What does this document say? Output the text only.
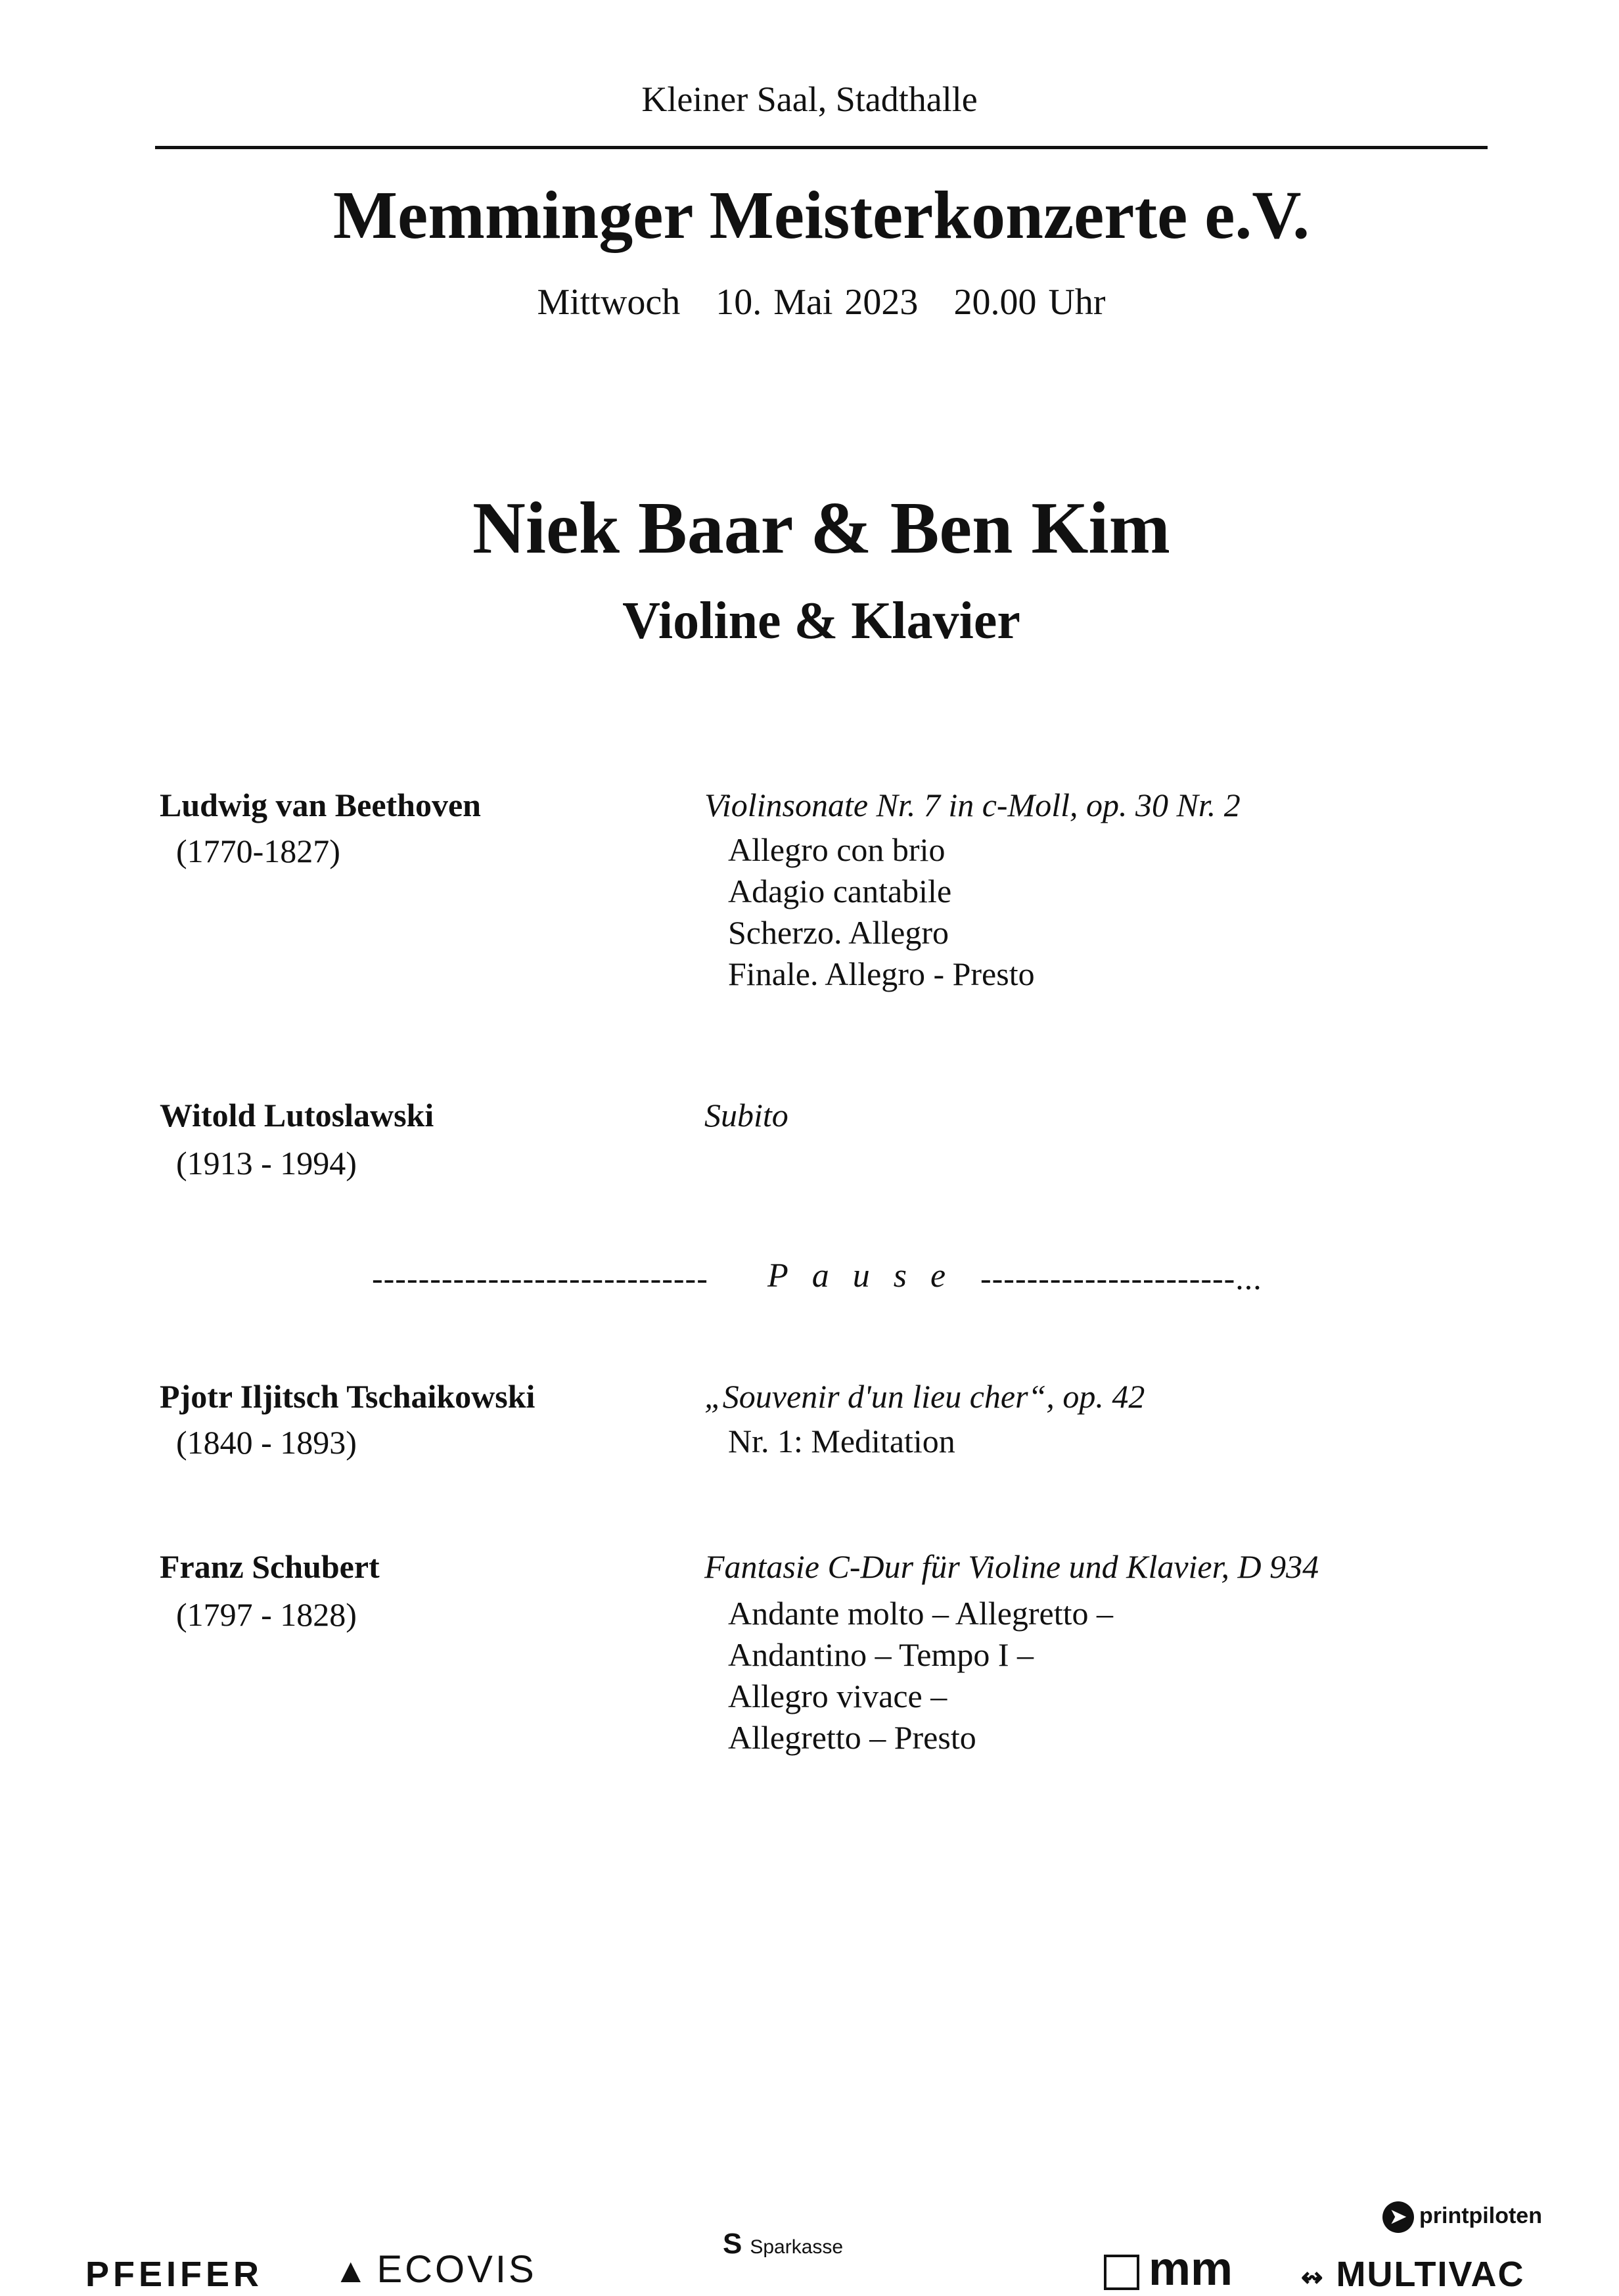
Kleiner Saal, Stadthalle
Memminger Meisterkonzerte e.V.
Mittwoch 10. Mai 2023 20.00 Uhr
Niek Baar & Ben Kim
Violine & Klavier
Ludwig van Beethoven
(1770-1827)
Violinsonate Nr. 7 in c-Moll, op. 30 Nr. 2
Allegro con brio
Adagio cantabile
Scherzo. Allegro
Finale. Allegro - Presto
Witold Lutoslawski
(1913 - 1994)
Subito
----------------------------- Pause ----------------------...
Pjotr Iljitsch Tschaikowski
(1840 - 1893)
„Souvenir d'un lieu cher“, op. 42
Nr. 1: Meditation
Franz Schubert
(1797 - 1828)
Fantasie C-Dur für Violine und Klavier, D 934
Andante molto – Allegretto –
Andantino – Tempo I –
Allegro vivace –
Allegretto – Presto
➤ printpiloten
PFEIFER ▲ ECOVIS
S Sparkasse	mm	↭ MULTIVAC
